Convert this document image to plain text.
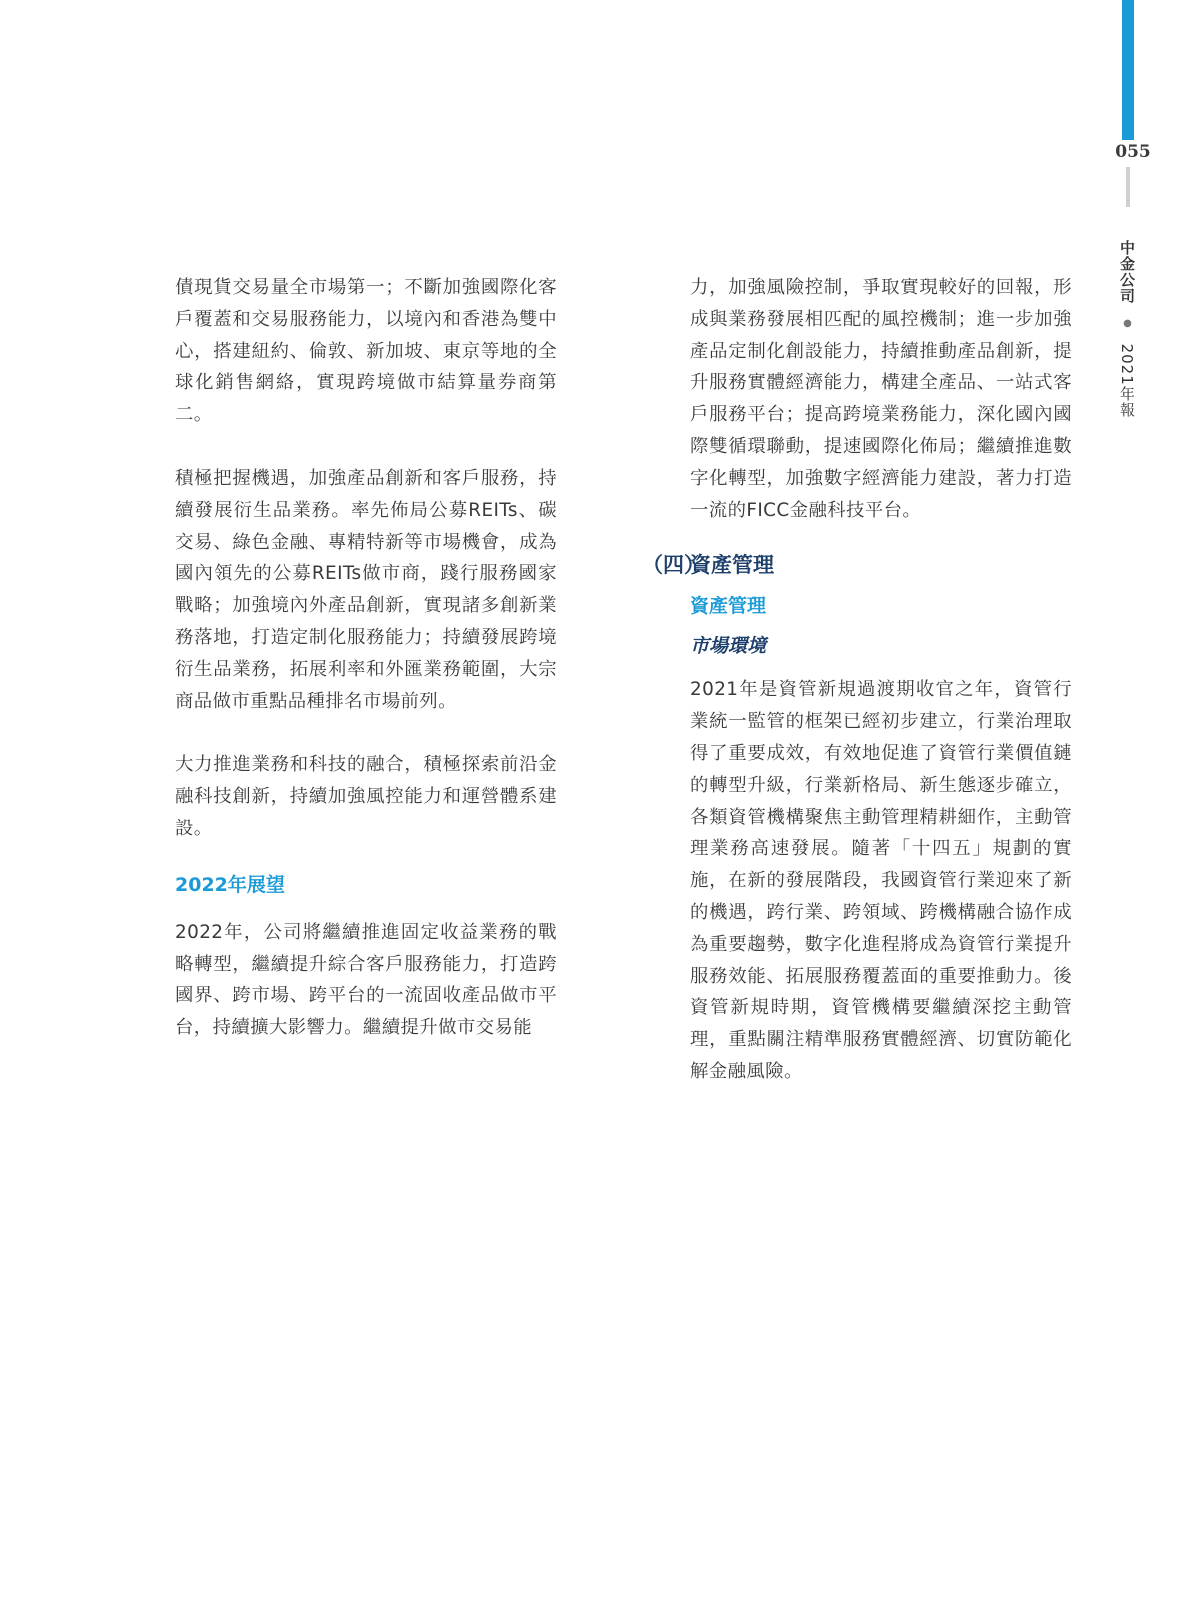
055
中金公司 ● 2021年報

債現貨交易量全市場第一；不斷加強國際化客戶覆蓋和交易服務能力，以境內和香港為雙中心，搭建紐約、倫敦、新加坡、東京等地的全球化銷售網絡，實現跨境做市結算量券商第二。

積極把握機遇，加強產品創新和客戶服務，持續發展衍生品業務。率先佈局公募REITs、碳交易、綠色金融、專精特新等市場機會，成為國內領先的公募REITs做市商，踐行服務國家戰略；加強境內外產品創新，實現諸多創新業務落地，打造定制化服務能力；持續發展跨境衍生品業務，拓展利率和外匯業務範圍，大宗商品做市重點品種排名市場前列。

大力推進業務和科技的融合，積極探索前沿金融科技創新，持續加強風控能力和運營體系建設。

2022年展望

2022年，公司將繼續推進固定收益業務的戰略轉型，繼續提升綜合客戶服務能力，打造跨國界、跨市場、跨平台的一流固收產品做市平台，持續擴大影響力。繼續提升做市交易能

力，加強風險控制，爭取實現較好的回報，形成與業務發展相匹配的風控機制；進一步加強產品定制化創設能力，持續推動產品創新，提升服務實體經濟能力，構建全產品、一站式客戶服務平台；提高跨境業務能力，深化國內國際雙循環聯動，提速國際化佈局；繼續推進數字化轉型，加強數字經濟能力建設，著力打造一流的FICC金融科技平台。

（四）
資產管理

資產管理

市場環境

2021年是資管新規過渡期收官之年，資管行業統一監管的框架已經初步建立，行業治理取得了重要成效，有效地促進了資管行業價值鏈的轉型升級，行業新格局、新生態逐步確立，各類資管機構聚焦主動管理精耕細作，主動管理業務高速發展。隨著「十四五」規劃的實施，在新的發展階段，我國資管行業迎來了新的機遇，跨行業、跨領域、跨機構融合協作成為重要趨勢，數字化進程將成為資管行業提升服務效能、拓展服務覆蓋面的重要推動力。後資管新規時期，資管機構要繼續深挖主動管理，重點關注精準服務實體經濟、切實防範化解金融風險。
